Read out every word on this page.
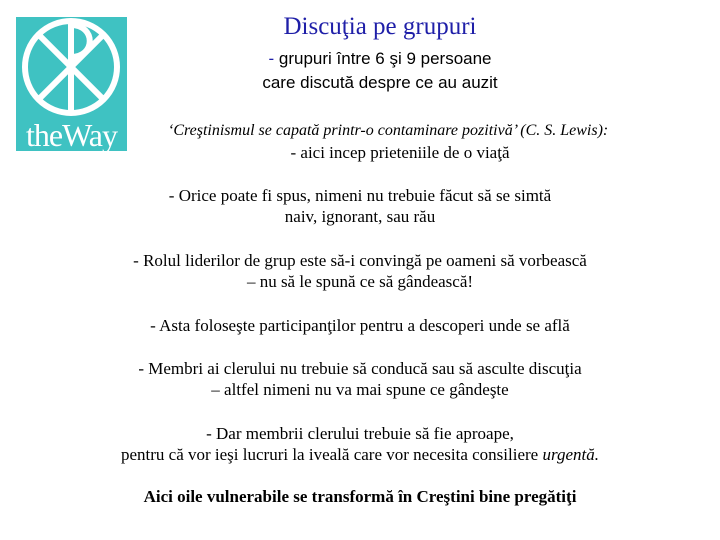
theWay
Discuţia pe grupuri
- grupuri între 6 şi 9 persoane
care discută despre ce au auzit
‘Creştinismul se capată printr-o contaminare pozitivă’ (C. S. Lewis):
- aici incep prieteniile de o viaţă
- Orice poate fi spus, nimeni nu trebuie făcut să se simtă
naiv, ignorant, sau rău
- Rolul liderilor de grup este să-i convingă pe oameni să vorbească
– nu să le spună ce să gândească!
- Asta foloseşte participanţilor pentru a descoperi unde se află
- Membri ai clerului nu trebuie să conducă sau să asculte discuţia
– altfel nimeni nu va mai spune ce gândeşte
- Dar membrii clerului trebuie să fie aproape,
pentru că vor ieşi lucruri la iveală care vor necesita consiliere urgentă.
Aici oile vulnerabile se transformă în Creştini bine pregătiţi
